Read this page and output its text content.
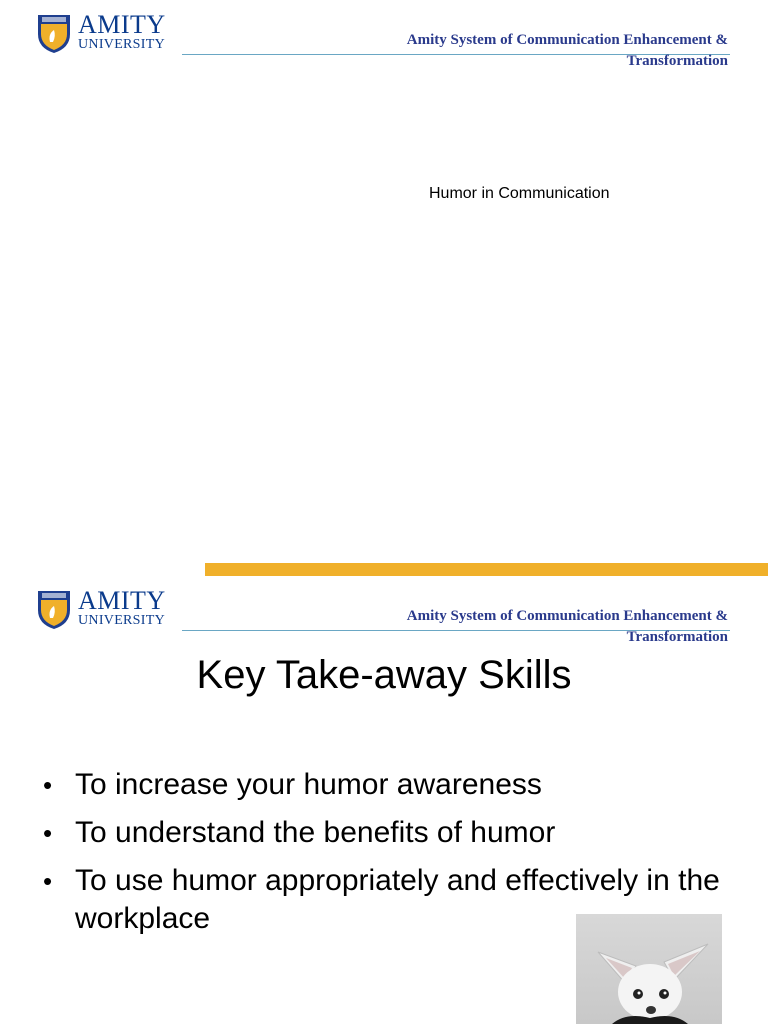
AMITY
UNIVERSITY	Amity System of Communication Enhancement &
Transformation
Humor in Communication
AMITY
UNIVERSITY	Amity System of Communication Enhancement &
Transformation
Key Take-away Skills
• To increase your humor awareness
• To understand the benefits of humor
• To use humor appropriately and effectively in the workplace
